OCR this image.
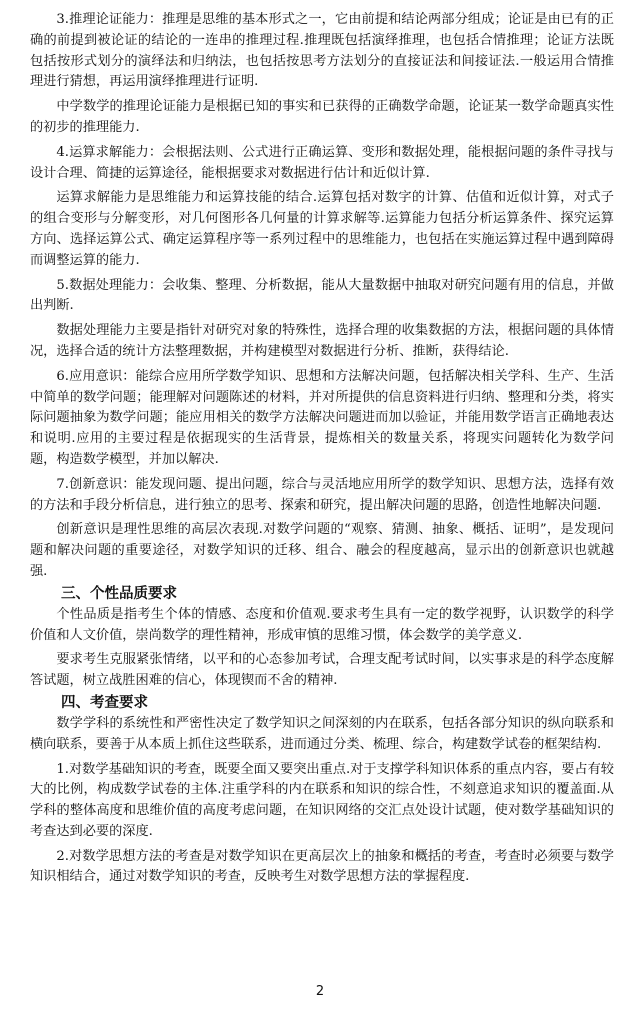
3.推理论证能力：推理是思维的基本形式之一，它由前提和结论两部分组成；论证是由已有的正确的前提到被论证的结论的一连串的推理过程.推理既包括演绎推理，也包括合情推理；论证方法既包括按形式划分的演绎法和归纳法，也包括按思考方法划分的直接证法和间接证法.一般运用合情推理进行猜想，再运用演绎推理进行证明.

中学数学的推理论证能力是根据已知的事实和已获得的正确数学命题，论证某一数学命题真实性的初步的推理能力.

4.运算求解能力：会根据法则、公式进行正确运算、变形和数据处理，能根据问题的条件寻找与设计合理、简捷的运算途径，能根据要求对数据进行估计和近似计算.

运算求解能力是思维能力和运算技能的结合.运算包括对数字的计算、估值和近似计算，对式子的组合变形与分解变形，对几何图形各几何量的计算求解等.运算能力包括分析运算条件、探究运算方向、选择运算公式、确定运算程序等一系列过程中的思维能力，也包括在实施运算过程中遇到障碍而调整运算的能力.

5.数据处理能力：会收集、整理、分析数据，能从大量数据中抽取对研究问题有用的信息，并做出判断.

数据处理能力主要是指针对研究对象的特殊性，选择合理的收集数据的方法，根据问题的具体情况，选择合适的统计方法整理数据，并构建模型对数据进行分析、推断，获得结论.

6.应用意识：能综合应用所学数学知识、思想和方法解决问题，包括解决相关学科、生产、生活中简单的数学问题；能理解对问题陈述的材料，并对所提供的信息资料进行归纳、整理和分类，将实际问题抽象为数学问题；能应用相关的数学方法解决问题进而加以验证，并能用数学语言正确地表达和说明.应用的主要过程是依据现实的生活背景，提炼相关的数量关系，将现实问题转化为数学问题，构造数学模型，并加以解决.

7.创新意识：能发现问题、提出问题，综合与灵活地应用所学的数学知识、思想方法，选择有效的方法和手段分析信息，进行独立的思考、探索和研究，提出解决问题的思路，创造性地解决问题.

创新意识是理性思维的高层次表现.对数学问题的“观察、猜测、抽象、概括、证明”，是发现问题和解决问题的重要途径，对数学知识的迁移、组合、融会的程度越高，显示出的创新意识也就越强.

三、个性品质要求

个性品质是指考生个体的情感、态度和价值观.要求考生具有一定的数学视野，认识数学的科学价值和人文价值，崇尚数学的理性精神，形成审慎的思维习惯，体会数学的美学意义.

要求考生克服紧张情绪，以平和的心态参加考试，合理支配考试时间，以实事求是的科学态度解答试题，树立战胜困难的信心，体现锲而不舍的精神.

四、考查要求

数学学科的系统性和严密性决定了数学知识之间深刻的内在联系，包括各部分知识的纵向联系和横向联系，要善于从本质上抓住这些联系，进而通过分类、梳理、综合，构建数学试卷的框架结构.

1.对数学基础知识的考查，既要全面又要突出重点.对于支撑学科知识体系的重点内容，要占有较大的比例，构成数学试卷的主体.注重学科的内在联系和知识的综合性，不刻意追求知识的覆盖面.从学科的整体高度和思维价值的高度考虑问题，在知识网络的交汇点处设计试题，使对数学基础知识的考查达到必要的深度.

2.对数学思想方法的考查是对数学知识在更高层次上的抽象和概括的考查，考查时必须要与数学知识相结合，通过对数学知识的考查，反映考生对数学思想方法的掌握程度.

2
